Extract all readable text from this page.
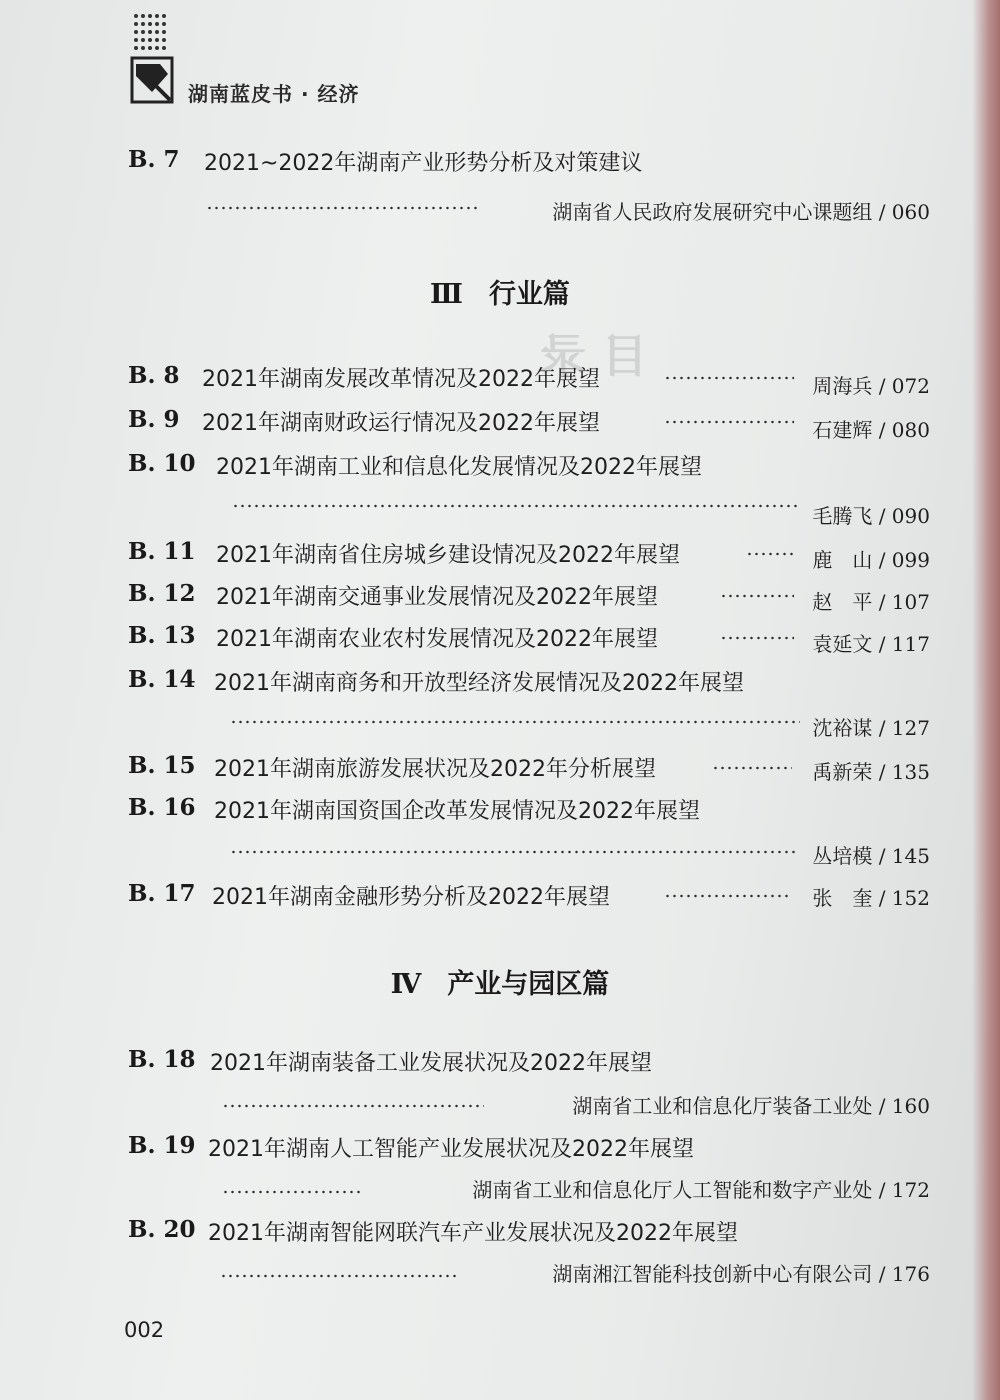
目 录
湖南蓝皮书 · 经济
B. 7 2021~2022年湖南产业形势分析及对策建议
湖南省人民政府发展研究中心课题组 / 060
Ⅲ 行业篇
B. 8 2021年湖南发展改革情况及2022年展望	周海兵 / 072
B. 9 2021年湖南财政运行情况及2022年展望	石建辉 / 080
B. 10 2021年湖南工业和信息化发展情况及2022年展望
毛腾飞 / 090
B. 11 2021年湖南省住房城乡建设情况及2022年展望	鹿　山 / 099
B. 12 2021年湖南交通事业发展情况及2022年展望	赵　平 / 107
B. 13 2021年湖南农业农村发展情况及2022年展望	袁延文 / 117
B. 14 2021年湖南商务和开放型经济发展情况及2022年展望
沈裕谋 / 127
B. 15 2021年湖南旅游发展状况及2022年分析展望	禹新荣 / 135
B. 16 2021年湖南国资国企改革发展情况及2022年展望
丛培模 / 145
B. 17 2021年湖南金融形势分析及2022年展望	张　奎 / 152
Ⅳ 产业与园区篇
B. 18 2021年湖南装备工业发展状况及2022年展望
湖南省工业和信息化厅装备工业处 / 160
B. 19 2021年湖南人工智能产业发展状况及2022年展望
湖南省工业和信息化厅人工智能和数字产业处 / 172
B. 20 2021年湖南智能网联汽车产业发展状况及2022年展望
湖南湘江智能科技创新中心有限公司 / 176
002
